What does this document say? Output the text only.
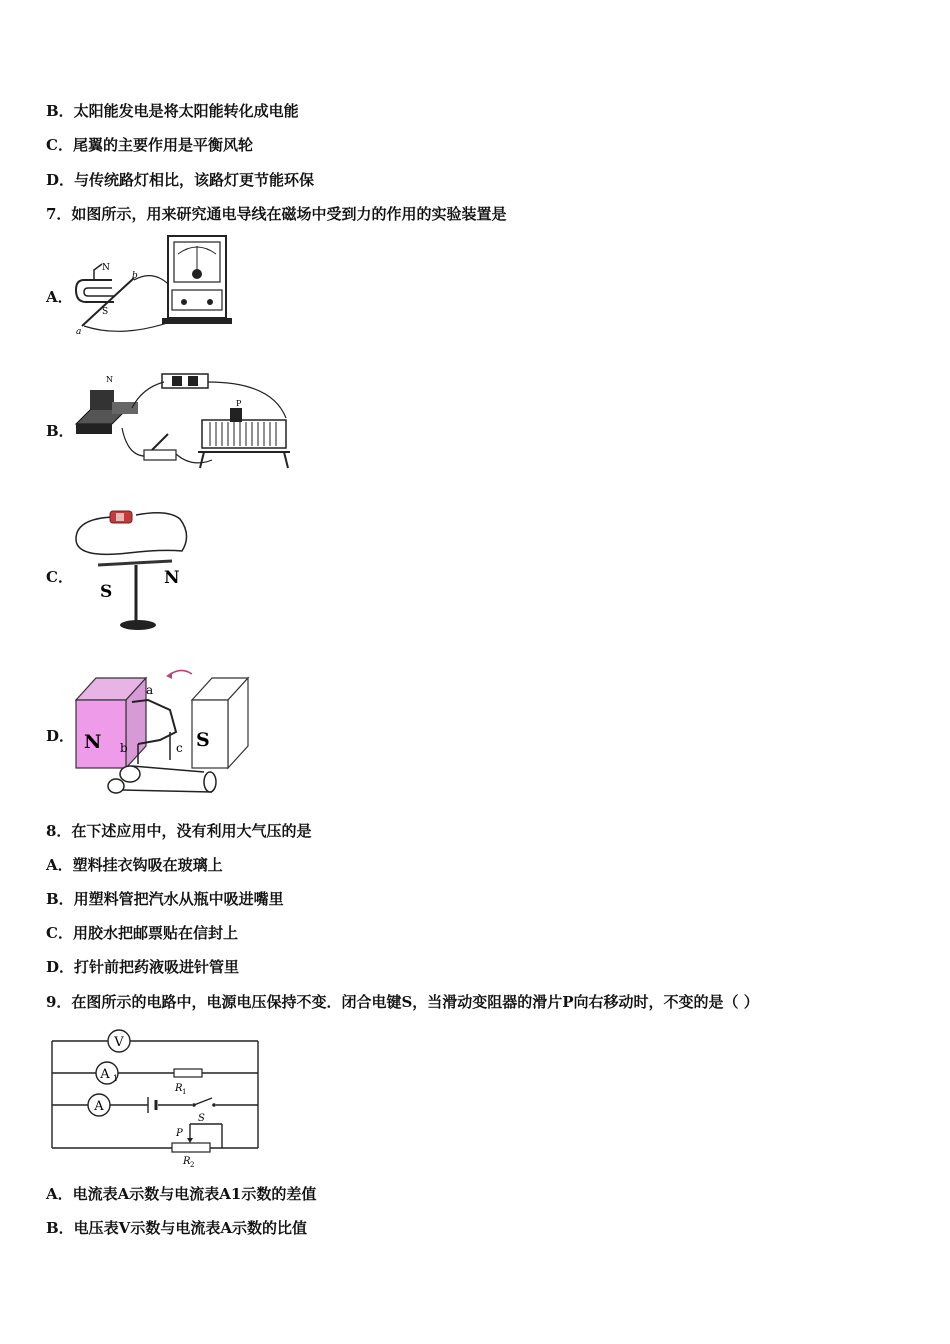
B．太阳能发电是将太阳能转化成电能
C．尾翼的主要作用是平衡风轮
D．与传统路灯相比，该路灯更节能环保
7．如图所示，用来研究通电导线在磁场中受到力的作用的实验装置是
A．
N
S
a
b
B．
N
P
C．
S
N
D． N	S
a
b	c
8．在下述应用中，没有利用大气压的是
A．塑料挂衣钩吸在玻璃上
B．用塑料管把汽水从瓶中吸进嘴里
C．用胶水把邮票贴在信封上
D．打针前把药液吸进针管里
9．在图所示的电路中，电源电压保持不变．闭合电键S，当滑动变阻器的滑片P向右移动时，不变的是（ ）
V
A 1
A
R 1
S
P
R 2
A．电流表A示数与电流表A1示数的差值
B．电压表V示数与电流表A示数的比值
